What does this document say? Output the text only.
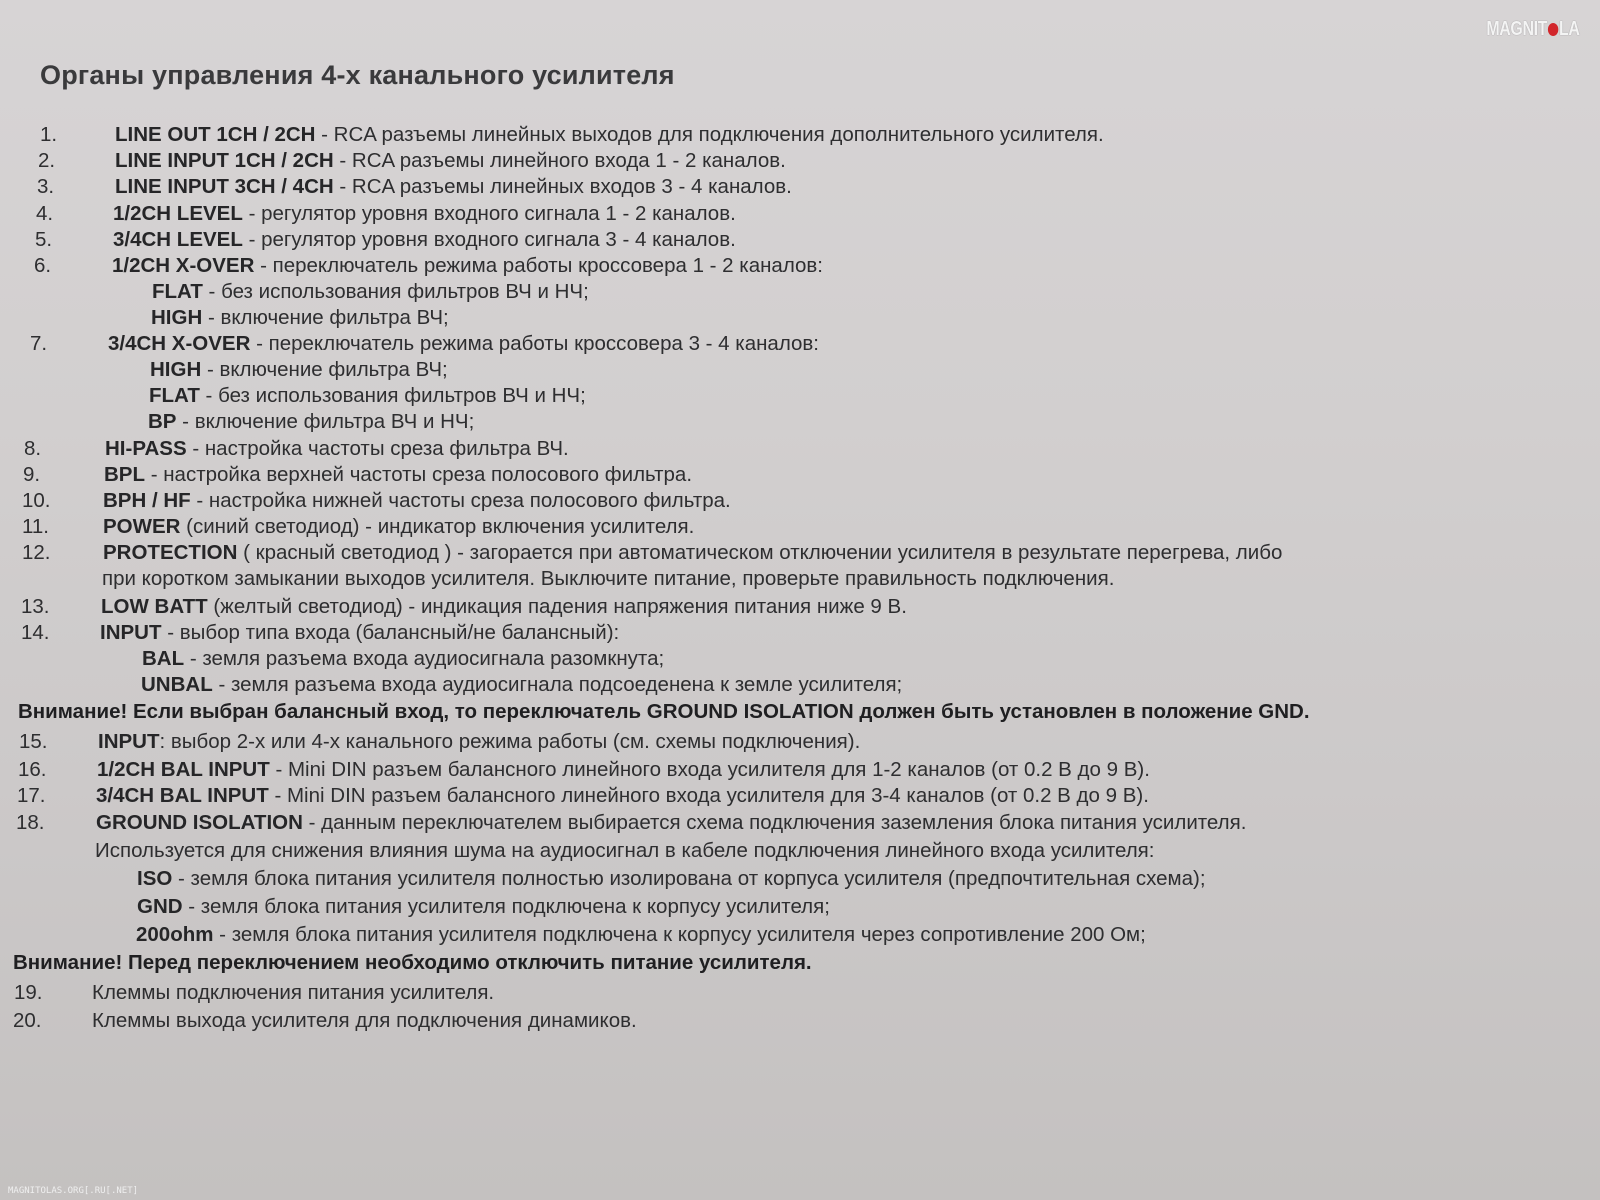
Органы управления 4-х канального усилителя
MAGNIT LA
1.	LINE OUT 1CH / 2CH - RCA разъемы линейных выходов для подключения дополнительного усилителя.
2.	LINE INPUT 1CH / 2CH - RCA разъемы линейного входа 1 - 2 каналов.
3.	LINE INPUT 3CH / 4CH - RCA разъемы линейных входов 3 - 4 каналов.
4.	1/2CH LEVEL - регулятор уровня входного сигнала 1 - 2 каналов.
5.	3/4CH LEVEL - регулятор уровня входного сигнала 3 - 4 каналов.
6.	1/2CH X-OVER - переключатель режима работы кроссовера 1 - 2 каналов:
FLAT - без использования фильтров ВЧ и НЧ;
HIGH - включение фильтра ВЧ;
7.	3/4CH X-OVER - переключатель режима работы кроссовера 3 - 4 каналов:
HIGH - включение фильтра ВЧ;
FLAT - без использования фильтров ВЧ и НЧ;
BP - включение фильтра ВЧ и НЧ;
8.	HI-PASS - настройка частоты среза фильтра ВЧ.
9.	BPL - настройка верхней частоты среза полосового фильтра.
10.	BPH / HF - настройка нижней частоты среза полосового фильтра.
11.	POWER (синий светодиод) - индикатор включения усилителя.
12.	PROTECTION ( красный светодиод ) - загорается при автоматическом отключении усилителя в результате перегрева, либо
при коротком замыкании выходов усилителя. Выключите питание, проверьте правильность подключения.
13.	LOW BATT (желтый светодиод) - индикация падения напряжения питания ниже 9 В.
14. INPUT - выбор типа входа (балансный/не балансный):
BAL - земля разъема входа аудиосигнала разомкнута;
UNBAL - земля разъема входа аудиосигнала подсоеденена к земле усилителя;
Внимание! Если выбран балансный вход, то переключатель GROUND ISOLATION должен быть установлен в положение GND.
15. INPUT: выбор 2-х или 4-х канального режима работы (см. схемы подключения).
16. 1/2CH BAL INPUT - Mini DIN разъем балансного линейного входа усилителя для 1-2 каналов (от 0.2 В до 9 В).
17. 3/4CH BAL INPUT - Mini DIN разъем балансного линейного входа усилителя для 3-4 каналов (от 0.2 В до 9 В).
18.	GROUND ISOLATION - данным переключателем выбирается схема подключения заземления блока питания усилителя.
Используется для снижения влияния шума на аудиосигнал в кабеле подключения линейного входа усилителя:
ISO - земля блока питания усилителя полностью изолирована от корпуса усилителя (предпочтительная схема);
GND - земля блока питания усилителя подключена к корпусу усилителя;
200ohm - земля блока питания усилителя подключена к корпусу усилителя через сопротивление 200 Ом;
Внимание! Перед переключением необходимо отключить питание усилителя.
19. Клеммы подключения питания усилителя.
20. Клеммы выхода усилителя для подключения динамиков.
MAGNITOLAS.ORG[.RU[.NET]
